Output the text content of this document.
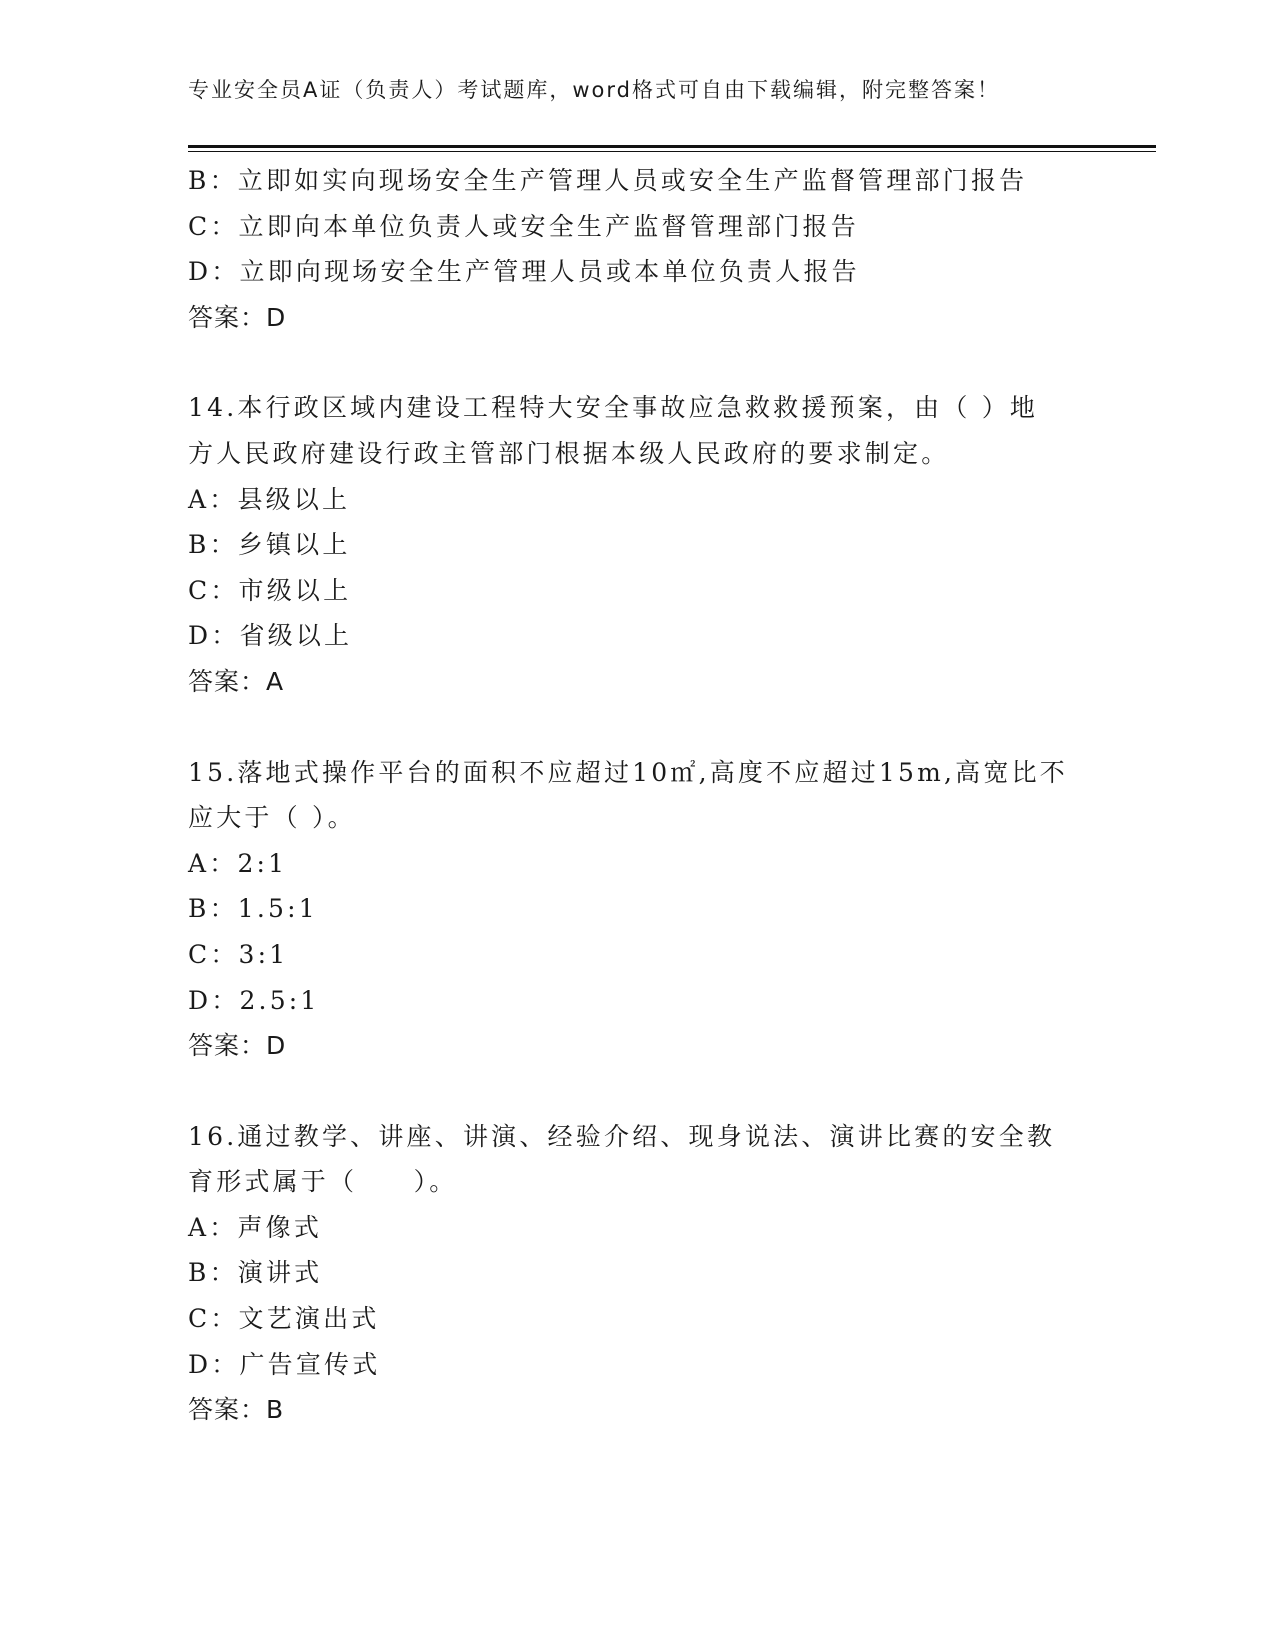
专业安全员A证（负责人）考试题库，word格式可自由下载编辑，附完整答案！
B：立即如实向现场安全生产管理人员或安全生产监督管理部门报告
C：立即向本单位负责人或安全生产监督管理部门报告
D：立即向现场安全生产管理人员或本单位负责人报告
答案：D
14.本行政区域内建设工程特大安全事故应急救救援预案，由（ ）地
方人民政府建设行政主管部门根据本级人民政府的要求制定。
A：县级以上
B：乡镇以上
C：市级以上
D：省级以上
答案：A
15.落地式操作平台的面积不应超过10㎡,高度不应超过15m,高宽比不
应大于（ ）。
A：2:1
B：1.5:1
C：3:1
D：2.5:1
答案：D
16.通过教学、讲座、讲演、经验介绍、现身说法、演讲比赛的安全教
育形式属于（　　）。
A：声像式
B：演讲式
C：文艺演出式
D：广告宣传式
答案：B
